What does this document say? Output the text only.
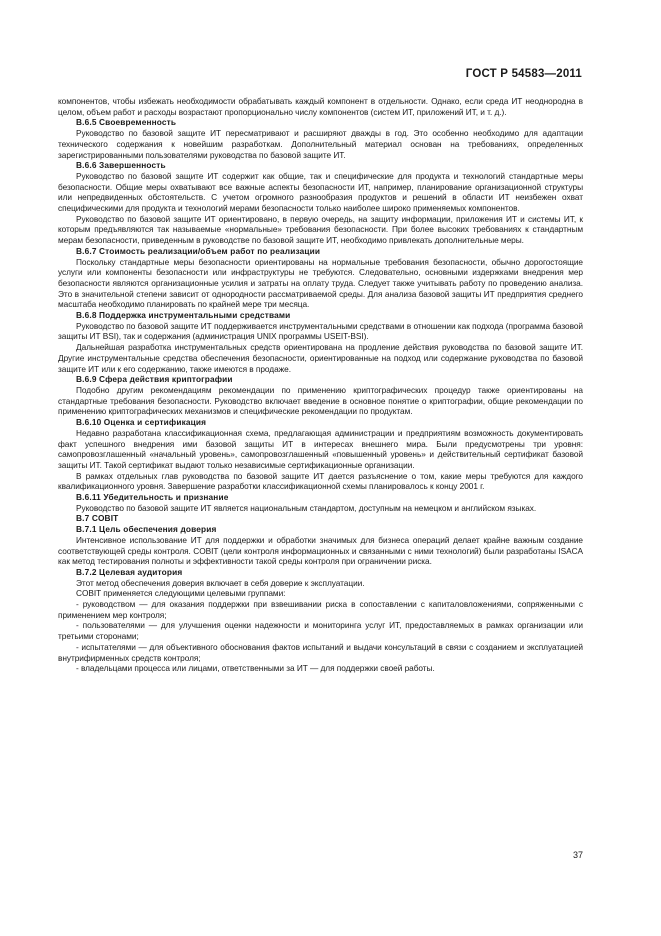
ГОСТ Р 54583—2011

компонентов, чтобы избежать необходимости обрабатывать каждый компонент в отдельности. Однако, если среда ИТ неоднородна в целом, объем работ и расходы возрастают пропорционально числу компонентов (систем ИТ, приложений ИТ, и т. д.).

B.6.5 Своевременность

Руководство по базовой защите ИТ пересматривают и расширяют дважды в год. Это особенно необходимо для адаптации технического содержания к новейшим разработкам. Дополнительный материал основан на требованиях, определенных зарегистрированными пользователями руководства по базовой защите ИТ.

B.6.6 Завершенность

Руководство по базовой защите ИТ содержит как общие, так и специфические для продукта и технологий стандартные меры безопасности. Общие меры охватывают все важные аспекты безопасности ИТ, например, планирование организационной структуры или непредвиденных обстоятельств. С учетом огромного разнообразия продуктов и решений в области ИТ неизбежен охват специфическими для продукта и технологий мерами безопасности только наиболее широко применяемых компонентов.

Руководство по базовой защите ИТ ориентировано, в первую очередь, на защиту информации, приложения ИТ и системы ИТ, к которым предъявляются так называемые «нормальные» требования безопасности. При более высоких требованиях к стандартным мерам безопасности, приведенным в руководстве по базовой защите ИТ, необходимо привлекать дополнительные меры.

B.6.7 Стоимость реализации/объем работ по реализации

Поскольку стандартные меры безопасности ориентированы на нормальные требования безопасности, обычно дорогостоящие услуги или компоненты безопасности или инфраструктуры не требуются. Следовательно, основными издержками внедрения мер безопасности являются организационные усилия и затраты на оплату труда. Следует также учитывать работу по проведению анализа. Это в значительной степени зависит от однородности рассматриваемой среды. Для анализа базовой защиты ИТ предприятия среднего масштаба необходимо планировать по крайней мере три месяца.

B.6.8 Поддержка инструментальными средствами

Руководство по базовой защите ИТ поддерживается инструментальными средствами в отношении как подхода (программа базовой защиты ИТ BSI), так и содержания (администрация UNIX программы USEIT-BSI).

Дальнейшая разработка инструментальных средств ориентирована на продление действия руководства по базовой защите ИТ. Другие инструментальные средства обеспечения безопасности, ориентированные на подход или содержание руководства по базовой защите ИТ или к его содержанию, также имеются в продаже.

B.6.9 Сфера действия криптографии

Подобно другим рекомендациям рекомендации по применению криптографических процедур также ориентированы на стандартные требования безопасности. Руководство включает введение в основное понятие о криптографии, общие рекомендации по применению криптографических механизмов и специфические рекомендации по продуктам.

B.6.10 Оценка и сертификация

Недавно разработана классификационная схема, предлагающая администрации и предприятиям возможность документировать факт успешного внедрения ими базовой защиты ИТ в интересах внешнего мира. Были предусмотрены три уровня: самопровозглашенный «начальный уровень», самопровозглашенный «повышенный уровень» и действительный сертификат базовой защиты ИТ. Такой сертификат выдают только независимые сертификационные организации.

В рамках отдельных глав руководства по базовой защите ИТ дается разъяснение о том, какие меры требуются для каждого квалификационного уровня. Завершение разработки классификационной схемы планировалось к концу 2001 г.

B.6.11 Убедительность и признание

Руководство по базовой защите ИТ является национальным стандартом, доступным на немецком и английском языках.

B.7 COBIT

B.7.1 Цель обеспечения доверия

Интенсивное использование ИТ для поддержки и обработки значимых для бизнеса операций делает крайне важным создание соответствующей среды контроля. COBIT (цели контроля информационных и связанными с ними технологий) были разработаны ISACA как метод тестирования полноты и эффективности такой среды контроля при ограничении риска.

B.7.2 Целевая аудитория

Этот метод обеспечения доверия включает в себя доверие к эксплуатации.

COBIT применяется следующими целевыми группами:

- руководством — для оказания поддержки при взвешивании риска в сопоставлении с капиталовложениями, сопряженными с применением мер контроля;

- пользователями — для улучшения оценки надежности и мониторинга услуг ИТ, предоставляемых в рамках организации или третьими сторонами;

- испытателями — для объективного обоснования фактов испытаний и выдачи консультаций в связи с созданием и эксплуатацией внутрифирменных средств контроля;

- владельцами процесса или лицами, ответственными за ИТ — для поддержки своей работы.

37
